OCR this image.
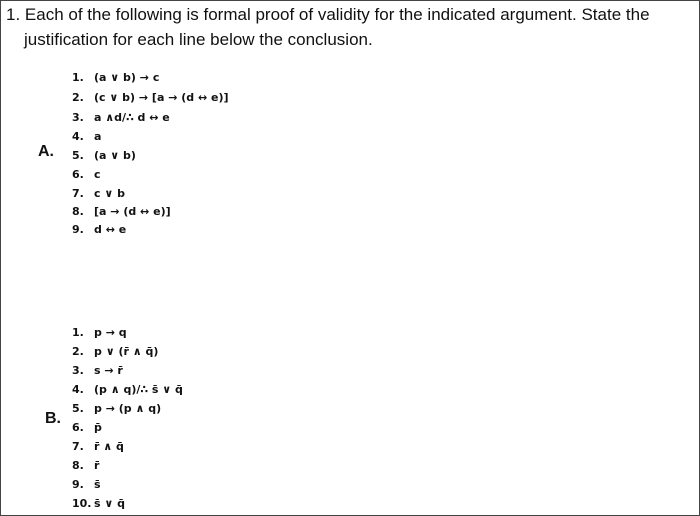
1. Each of the following is formal proof of validity for the indicated argument. State the
justification for each line below the conclusion.
A.
1. (a ∨ b) → c
2. (c ∨ b) → [a → (d ↔ e)]
3. a ∧d/∴ d ↔ e
4. a
5. (a ∨ b)
6. c
7. c ∨ b
8. [a → (d ↔ e)]
9. d ↔ e
B.
1. p → q
2. p ∨ (r̄̄ ∧ q̄̄)
3. s → r̄
4. (p ∧ q)/∴ s̄ ∨ q̄
5. p → (p ∧ q)
6. p̄
7. r̄̄ ∧ q̄̄
8. r̄̄
9. s̄
10. s̄ ∨ q̄
